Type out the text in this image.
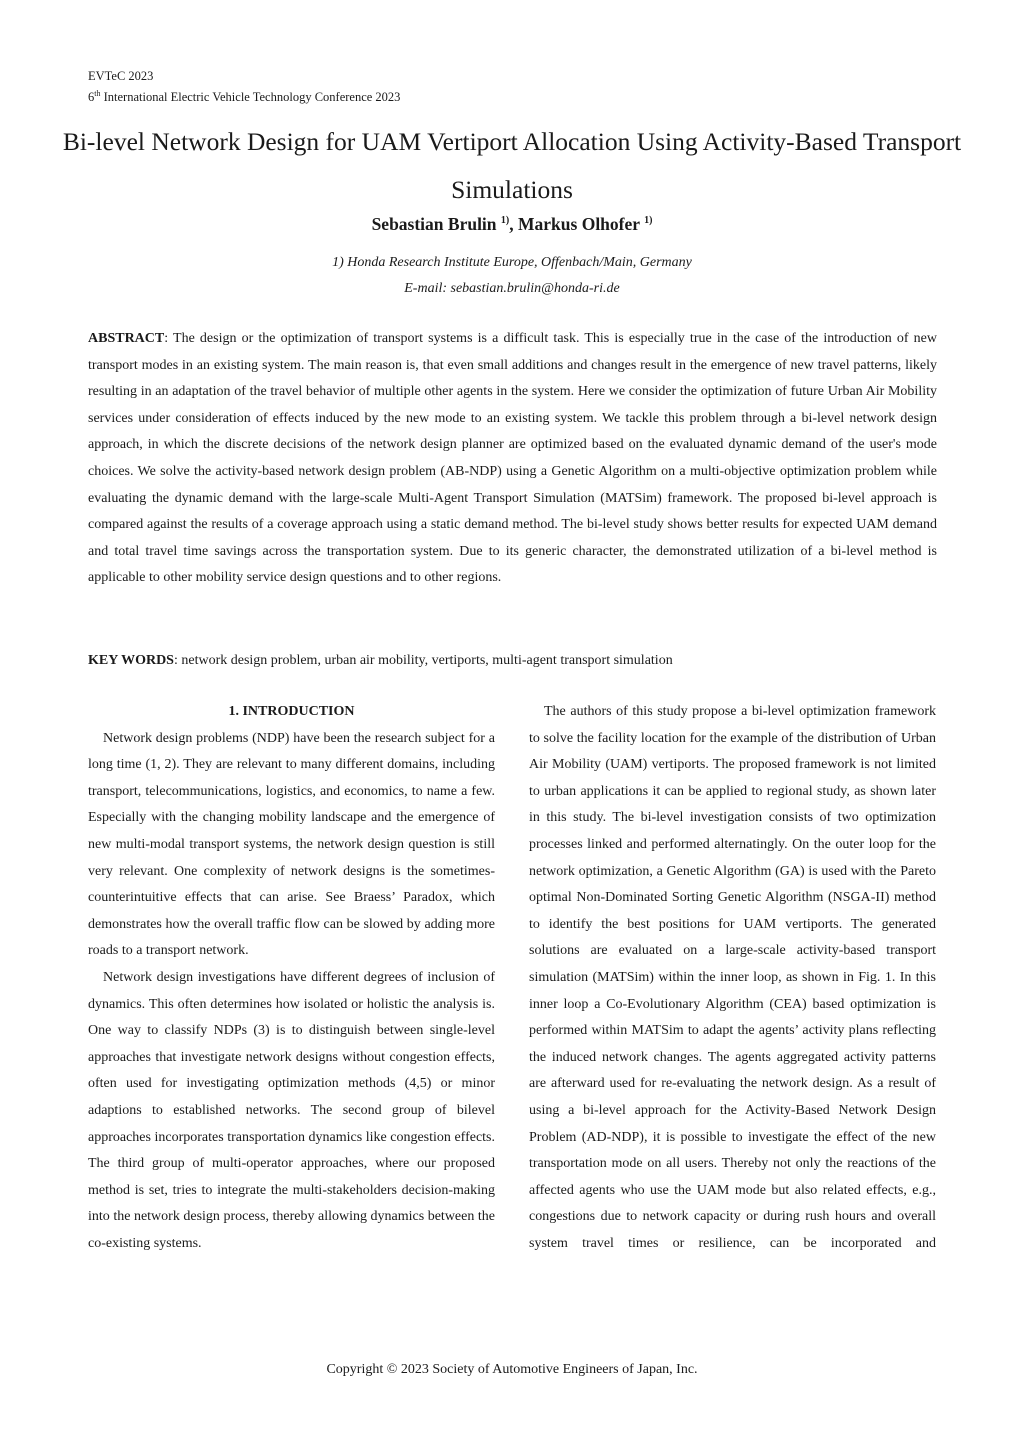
EVTeC 2023
6th International Electric Vehicle Technology Conference 2023
Bi-level Network Design for UAM Vertiport Allocation Using Activity-Based Transport Simulations
Sebastian Brulin $^{1)}$, Markus Olhofer $^{1)}$
1) Honda Research Institute Europe, Offenbach/Main, Germany
E-mail: sebastian.brulin@honda-ri.de
ABSTRACT: The design or the optimization of transport systems is a difficult task. This is especially true in the case of the introduction of new transport modes in an existing system. The main reason is, that even small additions and changes result in the emergence of new travel patterns, likely resulting in an adaptation of the travel behavior of multiple other agents in the system. Here we consider the optimization of future Urban Air Mobility services under consideration of effects induced by the new mode to an existing system. We tackle this problem through a bi-level network design approach, in which the discrete decisions of the network design planner are optimized based on the evaluated dynamic demand of the user's mode choices. We solve the activity-based network design problem (AB-NDP) using a Genetic Algorithm on a multi-objective optimization problem while evaluating the dynamic demand with the large-scale Multi-Agent Transport Simulation (MATSim) framework. The proposed bi-level approach is compared against the results of a coverage approach using a static demand method. The bi-level study shows better results for expected UAM demand and total travel time savings across the transportation system. Due to its generic character, the demonstrated utilization of a bi-level method is applicable to other mobility service design questions and to other regions.
KEY WORDS: network design problem, urban air mobility, vertiports, multi-agent transport simulation

1. INTRODUCTION

Network design problems (NDP) have been the research subject for a long time (1, 2). They are relevant to many different domains, including transport, telecommunications, logistics, and economics, to name a few. Especially with the changing mobility landscape and the emergence of new multi-modal transport systems, the network design question is still very relevant. One complexity of network designs is the sometimes-counterintuitive effects that can arise. See Braess’ Paradox, which demonstrates how the overall traffic flow can be slowed by adding more roads to a transport network.

Network design investigations have different degrees of inclusion of dynamics. This often determines how isolated or holistic the analysis is. One way to classify NDPs (3) is to distinguish between single-level approaches that investigate network designs without congestion effects, often used for investigating optimization methods (4,5) or minor adaptions to established networks. The second group of bilevel approaches incorporates transportation dynamics like congestion effects. The third group of multi-operator approaches, where our proposed method is set, tries to integrate the multi-stakeholders decision-making into the network design process, thereby allowing dynamics between the co-existing systems.

The authors of this study propose a bi-level optimization framework to solve the facility location for the example of the distribution of Urban Air Mobility (UAM) vertiports. The proposed framework is not limited to urban applications it can be applied to regional study, as shown later in this study. The bi-level investigation consists of two optimization processes linked and performed alternatingly. On the outer loop for the network optimization, a Genetic Algorithm (GA) is used with the Pareto optimal Non-Dominated Sorting Genetic Algorithm (NSGA-II) method to identify the best positions for UAM vertiports. The generated solutions are evaluated on a large-scale activity-based transport simulation (MATSim) within the inner loop, as shown in Fig. 1. In this inner loop a Co-Evolutionary Algorithm (CEA) based optimization is performed within MATSim to adapt the agents’ activity plans reflecting the induced network changes. The agents aggregated activity patterns are afterward used for re-evaluating the network design. As a result of using a bi-level approach for the Activity-Based Network Design Problem (AD-NDP), it is possible to investigate the effect of the new transportation mode on all users. Thereby not only the reactions of the affected agents who use the UAM mode but also related effects, e.g., congestions due to network capacity or during rush hours and overall system travel times or resilience, can be incorporated and

Copyright © 2023 Society of Automotive Engineers of Japan, Inc.
